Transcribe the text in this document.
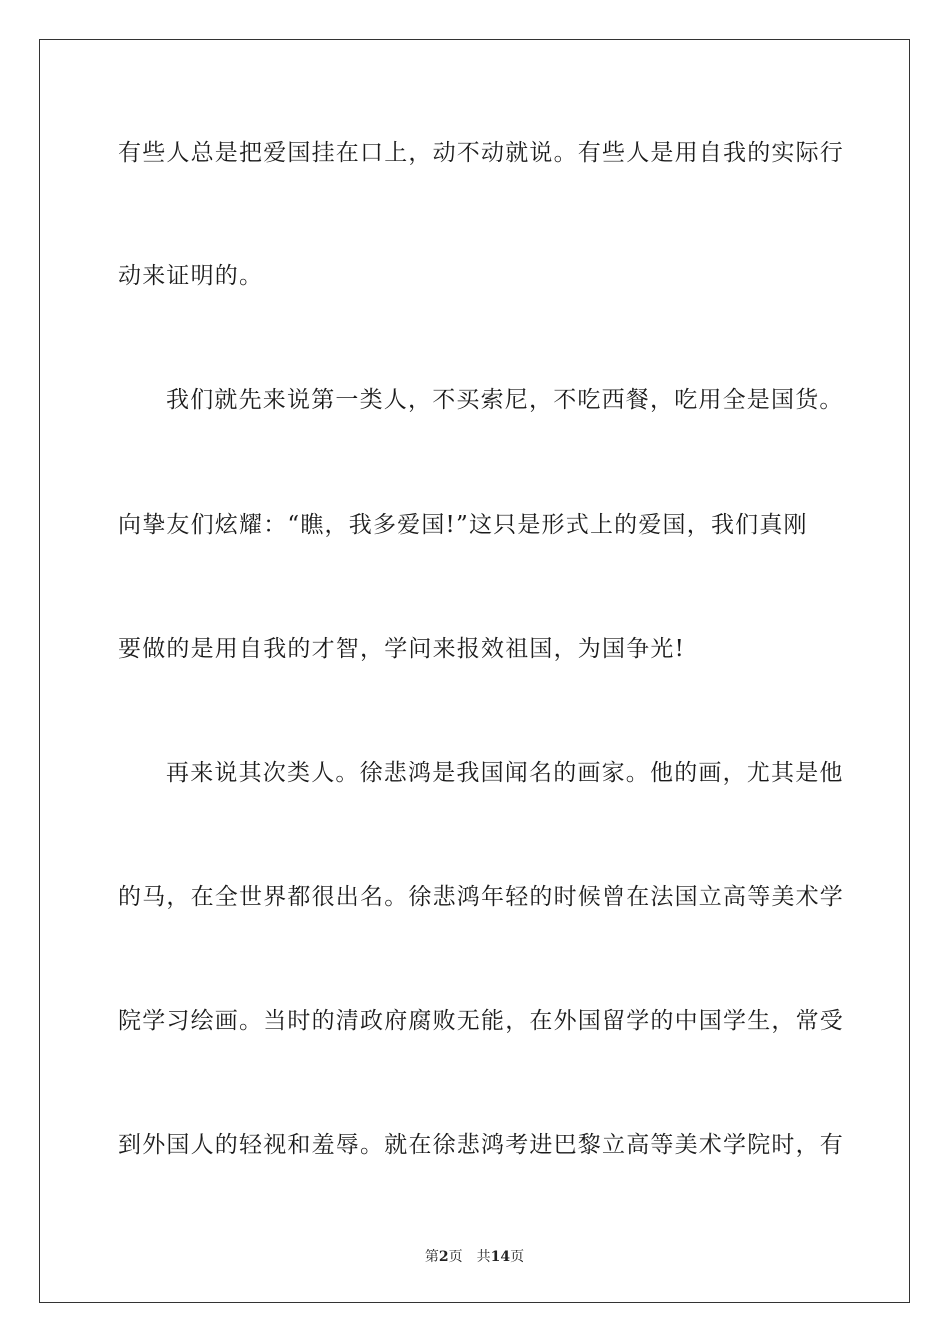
有些人总是把爱国挂在口上，动不动就说。有些人是用自我的实际行
动来证明的。
我们就先来说第一类人，不买索尼，不吃西餐，吃用全是国货。
向挚友们炫耀：“瞧，我多爱国!”这只是形式上的爱国，我们真刚
要做的是用自我的才智，学问来报效祖国，为国争光!
再来说其次类人。徐悲鸿是我国闻名的画家。他的画，尤其是他
的马，在全世界都很出名。徐悲鸿年轻的时候曾在法国立高等美术学
院学习绘画。当时的清政府腐败无能，在外国留学的中国学生，常受
到外国人的轻视和羞辱。就在徐悲鸿考进巴黎立高等美术学院时，有
第2页 共14页
